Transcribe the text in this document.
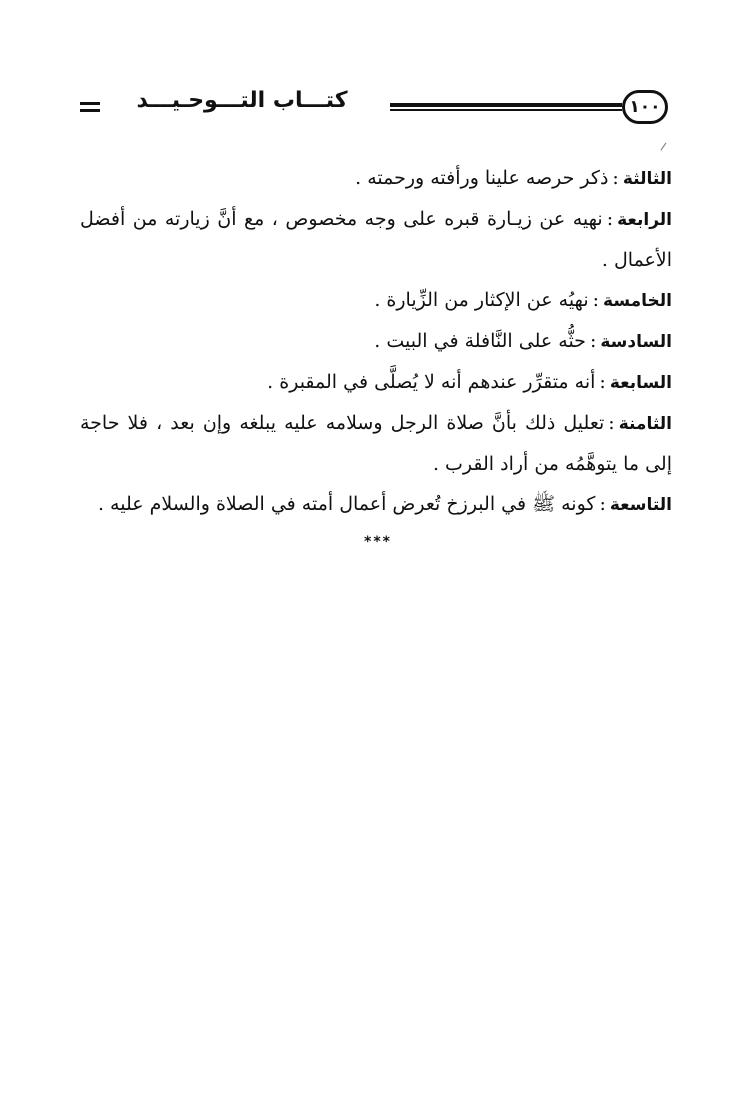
كتـــاب التـــوحـيـــد	١٠٠

الثالثة:ذكر حرصه علينا ورأفته ورحمته .

الرابعة:نهيه عن زيـارة قبره على وجه مخصوص ، مع أنَّ زيارته من أفضل الأعمال .

الخامسة:نهيُه عن الإكثار من الزِّيارة .

السادسة:حثُّه على النَّافلة في البيت .

السابعة:أنه متقرِّر عندهم أنه لا يُصلَّى في المقبرة .

الثامنة:تعليل ذلك بأنَّ صلاة الرجل وسلامه عليه يبلغه وإن بعد ، فلا حاجة إلى ما يتوهَّمُه من أراد القرب .

التاسعة:كونه ﷺ في البرزخ تُعرض أعمال أمته في الصلاة والسلام عليه .

***
